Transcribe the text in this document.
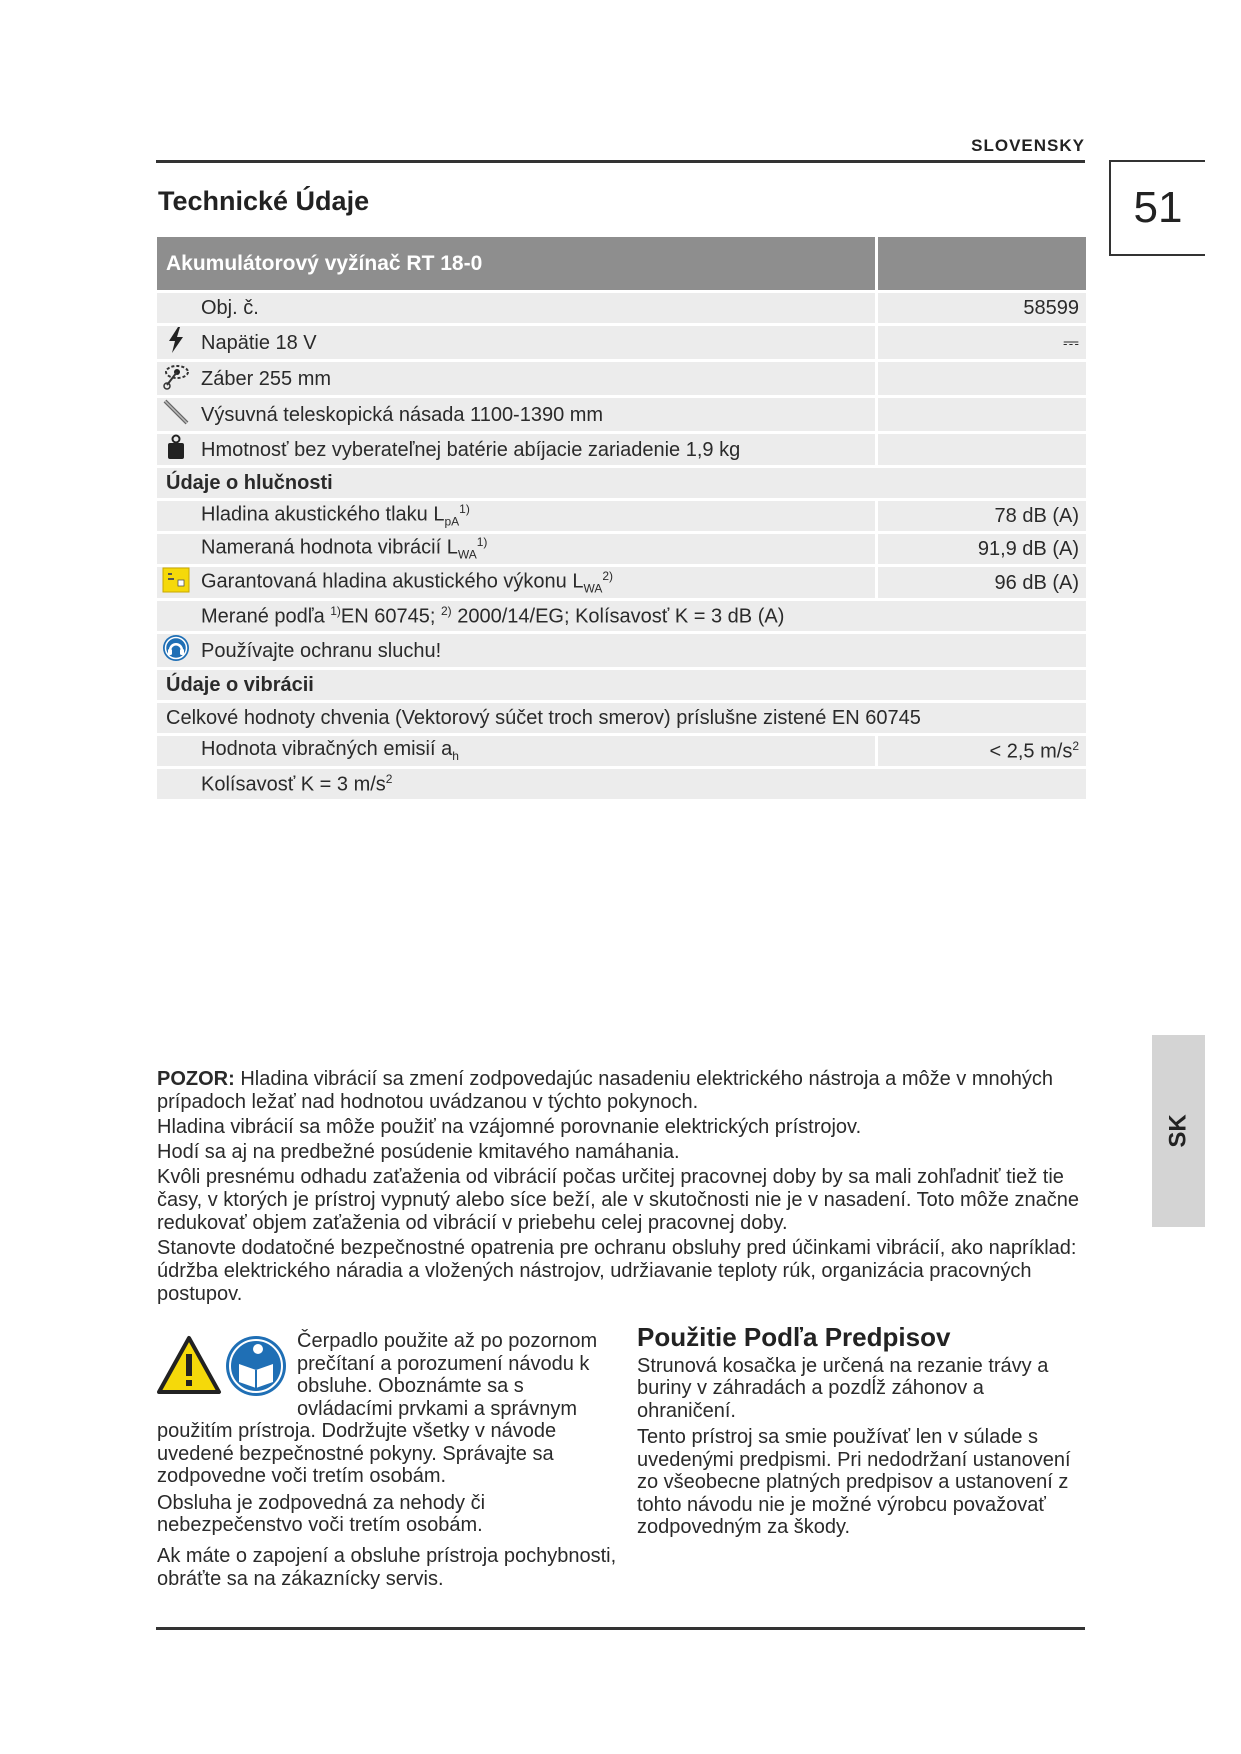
SLOVENSKY
51
Technické Údaje
Akumulátorový vyžínač RT 18-0		
	Obj. č.	58599
	Napätie 18 V	⎓
	Záber 255 mm	
	Výsuvná teleskopická násada 1100-1390 mm	
	Hmotnosť bez vyberateľnej batérie abíjacie zariadenie 1,9 kg	
Údaje o hlučnosti		
	Hladina akustického tlaku $L_{pA}^{1)}$	78 dB (A)
	Nameraná hodnota vibrácií $L_{WA}^{1)}$	91,9 dB (A)
	Garantovaná hladina akustického výkonu $L_{WA}^{2)}$	96 dB (A)
	Merané podľa $^{1)}$EN 60745; $^{2)}$ 2000/14/EG; Kolísavosť K = 3 dB (A)	
	Používajte ochranu sluchu!	
Údaje o vibrácii		
Celkové hodnoty chvenia (Vektorový súčet troch smerov) príslušne zistené EN 60745		
	Hodnota vibračných emisií $a_h$	< 2,5 $m/s^2$
	Kolísavosť K = 3 $m/s^2$

POZOR: Hladina vibrácií sa zmení zodpovedajúc nasadeniu elektrického nástroja a môže v mnohých prípadoch ležať nad hodnotou uvádzanou v týchto pokynoch.

Hladina vibrácií sa môže použiť na vzájomné porovnanie elektrických prístrojov.

Hodí sa aj na predbežné posúdenie kmitavého namáhania.

Kvôli presnému odhadu zaťaženia od vibrácií počas určitej pracovnej doby by sa mali zohľadniť tiež tie časy, v ktorých je prístroj vypnutý alebo síce beží, ale v skutočnosti nie je v nasadení. Toto môže značne redukovať objem zaťaženia od vibrácií v priebehu celej pracovnej doby.

Stanovte dodatočné bezpečnostné opatrenia pre ochranu obsluhy pred účinkami vibrácií, ako napríklad: údržba elektrického náradia a vložených nástrojov, udržiavanie teploty rúk, organizácia pracovných postupov.

Čerpadlo použite až po pozornom prečítaní a porozumení návodu k obsluhe. Oboznámte sa s ovládacími prvkami a správnym použitím prístroja. Dodržujte všetky v návode uvedené bezpečnostné pokyny. Správajte sa zodpovedne voči tretím osobám.

Obsluha je zodpovedná za nehody či nebezpečenstvo voči tretím osobám.

Ak máte o zapojení a obsluhe prístroja pochybnosti, obráťte sa na zákaznícky servis.

Použitie Podľa Predpisov

Strunová kosačka je určená na rezanie trávy a buriny v záhradách a pozdĺž záhonov a ohraničení.

Tento prístroj sa smie používať len v súlade s uvedenými predpismi. Pri nedodržaní ustanovení zo všeobecne platných predpisov a ustanovení z tohto návodu nie je možné výrobcu považovať zodpovedným za škody.

SK
